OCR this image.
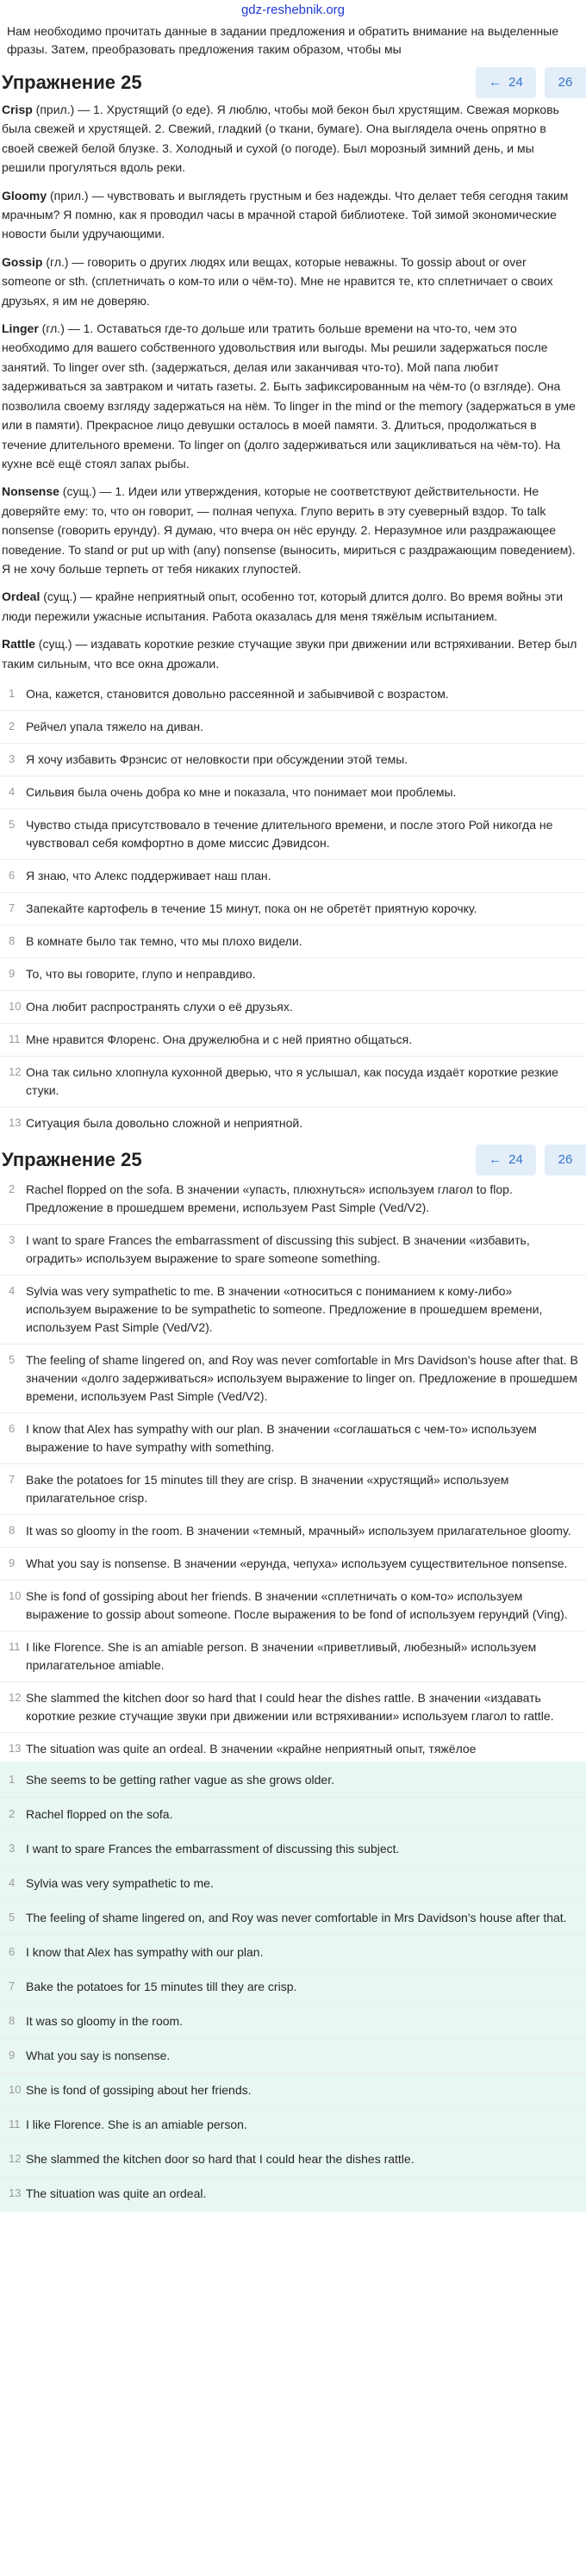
gdz-reshebnik.org
Нам необходимо прочитать данные в задании предложения и обратить внимание на выделенные фразы. Затем, преобразовать предложения таким образом, чтобы мы
Упражнение 25	← 24	26

Crisp (прил.) — 1. Хрустящий (о еде). Я люблю, чтобы мой бекон был хрустящим. Свежая морковь была свежей и хрустящей. 2. Свежий, гладкий (о ткани, бумаге). Она выглядела очень опрятно в своей свежей белой блузке. 3. Холодный и сухой (о погоде). Был морозный зимний день, и мы решили прогуляться вдоль реки.

Gloomy (прил.) — чувствовать и выглядеть грустным и без надежды. Что делает тебя сегодня таким мрачным? Я помню, как я проводил часы в мрачной старой библиотеке. Той зимой экономические новости были удручающими.

Gossip (гл.) — говорить о других людях или вещах, которые неважны. To gossip about or over someone or sth. (сплетничать о ком-то или о чём-то). Мне не нравится те, кто сплетничает о своих друзьях, я им не доверяю.

Linger (гл.) — 1. Оставаться где-то дольше или тратить больше времени на что-то, чем это необходимо для вашего собственного удовольствия или выгоды. Мы решили задержаться после занятий. To linger over sth. (задержаться, делая или заканчивая что-то). Мой папа любит задерживаться за завтраком и читать газеты. 2. Быть зафиксированным на чём-то (о взгляде). Она позволила своему взгляду задержаться на нём. To linger in the mind or the memory (задержаться в уме или в памяти). Прекрасное лицо девушки осталось в моей памяти. 3. Длиться, продолжаться в течение длительного времени. To linger on (долго задерживаться или зацикливаться на чём-то). На кухне всё ещё стоял запах рыбы.

Nonsense (сущ.) — 1. Идеи или утверждения, которые не соответствуют действительности. Не доверяйте ему: то, что он говорит, — полная чепуха. Глупо верить в эту суеверный вздор. To talk nonsense (говорить ерунду). Я думаю, что вчера он нёс ерунду. 2. Неразумное или раздражающее поведение. To stand or put up with (any) nonsense (выносить, мириться с раздражающим поведением). Я не хочу больше терпеть от тебя никаких глупостей.

Ordeal (сущ.) — крайне неприятный опыт, особенно тот, который длится долго. Во время войны эти люди пережили ужасные испытания. Работа оказалась для меня тяжёлым испытанием.

Rattle (сущ.) — издавать короткие резкие стучащие звуки при движении или встряхивании. Ветер был таким сильным, что все окна дрожали.

1 Она, кажется, становится довольно рассеянной и забывчивой с возрастом.
2 Рейчел упала тяжело на диван.
3 Я хочу избавить Фрэнсис от неловкости при обсуждении этой темы.
4 Сильвия была очень добра ко мне и показала, что понимает мои проблемы.
5 Чувство стыда присутствовало в течение длительного времени, и после этого Рой никогда не чувствовал себя комфортно в доме миссис Дэвидсон.
6 Я знаю, что Алекс поддерживает наш план.
7 Запекайте картофель в течение 15 минут, пока он не обретёт приятную корочку.
8 В комнате было так темно, что мы плохо видели.
9 То, что вы говорите, глупо и неправдиво.
10 Она любит распространять слухи о её друзьях.
11 Мне нравится Флоренс. Она дружелюбна и с ней приятно общаться.
12 Она так сильно хлопнула кухонной дверью, что я услышал, как посуда издаёт короткие резкие стуки.
13 Ситуация была довольно сложной и неприятной.
Упражнение 25	← 24	26
2 Rachel flopped on the sofa. В значении «упасть, плюхнуться» используем глагол to flop. Предложение в прошедшем времени, используем Past Simple (Ved/V2).
3 I want to spare Frances the embarrassment of discussing this subject. В значении «избавить, оградить» используем выражение to spare someone something.
4 Sylvia was very sympathetic to me. В значении «относиться с пониманием к кому-либо» используем выражение to be sympathetic to someone. Предложение в прошедшем времени, используем Past Simple (Ved/V2).
5 The feeling of shame lingered on, and Roy was never comfortable in Mrs Davidson's house after that. В значении «долго задерживаться» используем выражение to linger on. Предложение в прошедшем времени, используем Past Simple (Ved/V2).
6 I know that Alex has sympathy with our plan. В значении «соглашаться с чем-то» используем выражение to have sympathy with something.
7 Bake the potatoes for 15 minutes till they are crisp. В значении «хрустящий» используем прилагательное crisp.
8 It was so gloomy in the room. В значении «темный, мрачный» используем прилагательное gloomy.
9 What you say is nonsense. В значении «ерунда, чепуха» используем существительное nonsense.
10 She is fond of gossiping about her friends. В значении «сплетничать о ком-то» используем выражение to gossip about someone. После выражения to be fond of используем герундий (Ving).
11 I like Florence. She is an amiable person. В значении «приветливый, любезный» используем прилагательное amiable.
12 She slammed the kitchen door so hard that I could hear the dishes rattle. В значении «издавать короткие резкие стучащие звуки при движении или встряхивании» используем глагол to rattle.
13 The situation was quite an ordeal. В значении «крайне неприятный опыт, тяжёлое
1 She seems to be getting rather vague as she grows older.
2 Rachel flopped on the sofa.
3 I want to spare Frances the embarrassment of discussing this subject.
4 Sylvia was very sympathetic to me.
5 The feeling of shame lingered on, and Roy was never comfortable in Mrs Davidson's house after that.
6 I know that Alex has sympathy with our plan.
7 Bake the potatoes for 15 minutes till they are crisp.
8 It was so gloomy in the room.
9 What you say is nonsense.
10 She is fond of gossiping about her friends.
11 I like Florence. She is an amiable person.
12 She slammed the kitchen door so hard that I could hear the dishes rattle.
13 The situation was quite an ordeal.
